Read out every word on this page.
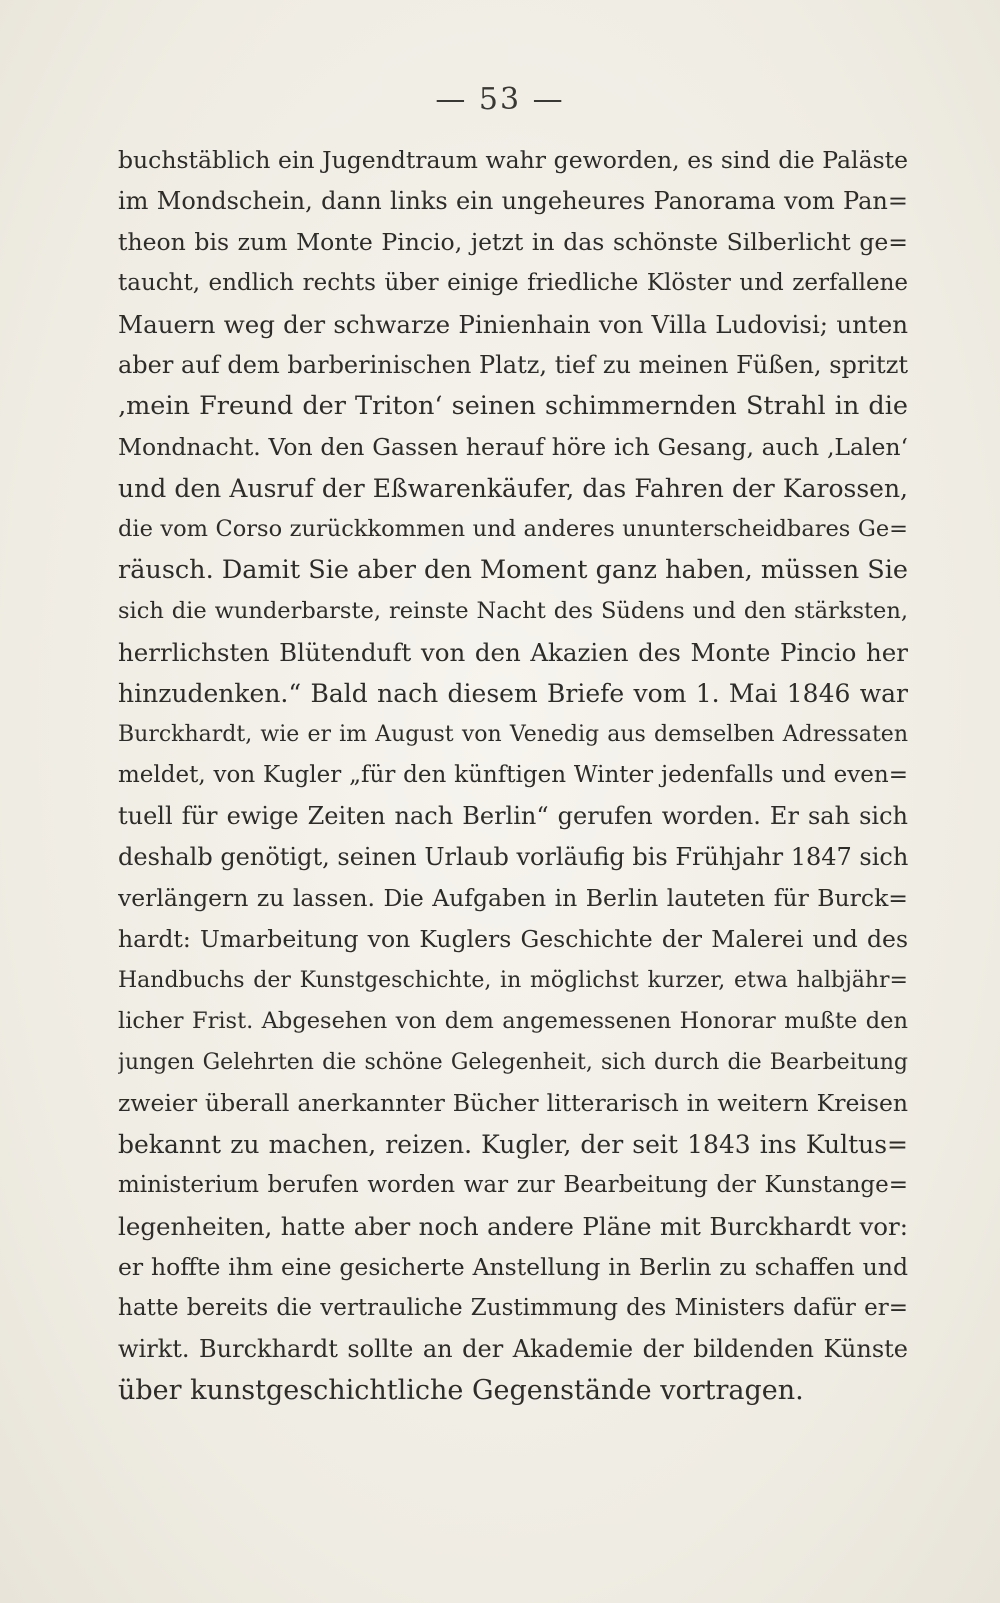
— 53 —
buchstäblich ein Jugendtraum wahr geworden, es sind die Paläste
im Mondschein, dann links ein ungeheures Panorama vom Pan=
theon bis zum Monte Pincio, jetzt in das schönste Silberlicht ge=
taucht, endlich rechts über einige friedliche Klöster und zerfallene
Mauern weg der schwarze Pinienhain von Villa Ludovisi; unten
aber auf dem barberinischen Platz, tief zu meinen Füßen, spritzt
‚mein Freund der Triton‘ seinen schimmernden Strahl in die
Mondnacht. Von den Gassen herauf höre ich Gesang, auch ‚Lalen‘
und den Ausruf der Eßwarenkäufer, das Fahren der Karossen,
die vom Corso zurückkommen und anderes ununterscheidbares Ge=
räusch. Damit Sie aber den Moment ganz haben, müssen Sie
sich die wunderbarste, reinste Nacht des Südens und den stärksten,
herrlichsten Blütenduft von den Akazien des Monte Pincio her
hinzudenken.“ Bald nach diesem Briefe vom 1. Mai 1846 war
Burckhardt, wie er im August von Venedig aus demselben Adressaten
meldet, von Kugler „für den künftigen Winter jedenfalls und even=
tuell für ewige Zeiten nach Berlin“ gerufen worden. Er sah sich
deshalb genötigt, seinen Urlaub vorläufig bis Frühjahr 1847 sich
verlängern zu lassen. Die Aufgaben in Berlin lauteten für Burck=
hardt: Umarbeitung von Kuglers Geschichte der Malerei und des
Handbuchs der Kunstgeschichte, in möglichst kurzer, etwa halbjähr=
licher Frist. Abgesehen von dem angemessenen Honorar mußte den
jungen Gelehrten die schöne Gelegenheit, sich durch die Bearbeitung
zweier überall anerkannter Bücher litterarisch in weitern Kreisen
bekannt zu machen, reizen. Kugler, der seit 1843 ins Kultus=
ministerium berufen worden war zur Bearbeitung der Kunstange=
legenheiten, hatte aber noch andere Pläne mit Burckhardt vor:
er hoffte ihm eine gesicherte Anstellung in Berlin zu schaffen und
hatte bereits die vertrauliche Zustimmung des Ministers dafür er=
wirkt. Burckhardt sollte an der Akademie der bildenden Künste
über kunstgeschichtliche Gegenstände vortragen.
